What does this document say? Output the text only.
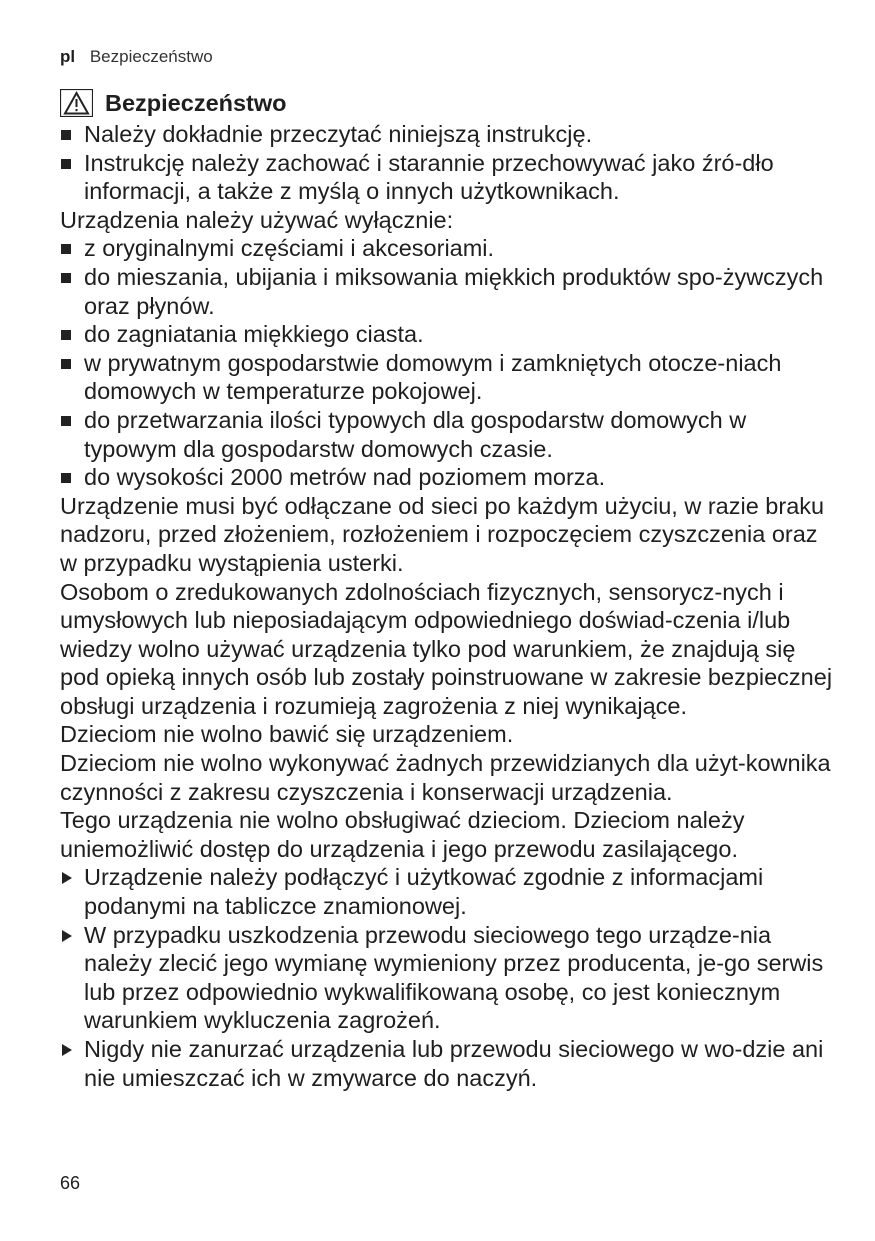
pl Bezpieczeństwo
Bezpieczeństwo
Należy dokładnie przeczytać niniejszą instrukcję.
Instrukcję należy zachować i starannie przechowywać jako źró-dło informacji, a także z myślą o innych użytkownikach.

Urządzenia należy używać wyłącznie:

z oryginalnymi częściami i akcesoriami.
do mieszania, ubijania i miksowania miękkich produktów spo-żywczych oraz płynów.
do zagniatania miękkiego ciasta.
w prywatnym gospodarstwie domowym i zamkniętych otocze-niach domowych w temperaturze pokojowej.
do przetwarzania ilości typowych dla gospodarstw domowych w typowym dla gospodarstw domowych czasie.
do wysokości 2000 metrów nad poziomem morza.

Urządzenie musi być odłączane od sieci po każdym użyciu, w razie braku nadzoru, przed złożeniem, rozłożeniem i rozpoczęciem czyszczenia oraz w przypadku wystąpienia usterki.

Osobom o zredukowanych zdolnościach fizycznych, sensorycz-nych i umysłowych lub nieposiadającym odpowiedniego doświad-czenia i/lub wiedzy wolno używać urządzenia tylko pod warunkiem, że znajdują się pod opieką innych osób lub zostały poinstruowane w zakresie bezpiecznej obsługi urządzenia i rozumieją zagrożenia z niej wynikające.

Dzieciom nie wolno bawić się urządzeniem.

Dzieciom nie wolno wykonywać żadnych przewidzianych dla użyt-kownika czynności z zakresu czyszczenia i konserwacji urządzenia.

Tego urządzenia nie wolno obsługiwać dzieciom. Dzieciom należy uniemożliwić dostęp do urządzenia i jego przewodu zasilającego.

Urządzenie należy podłączyć i użytkować zgodnie z informacjami podanymi na tabliczce znamionowej.
W przypadku uszkodzenia przewodu sieciowego tego urządze-nia należy zlecić jego wymianę wymieniony przez producenta, je-go serwis lub przez odpowiednio wykwalifikowaną osobę, co jest koniecznym warunkiem wykluczenia zagrożeń.
Nigdy nie zanurzać urządzenia lub przewodu sieciowego w wo-dzie ani nie umieszczać ich w zmywarce do naczyń.
66
